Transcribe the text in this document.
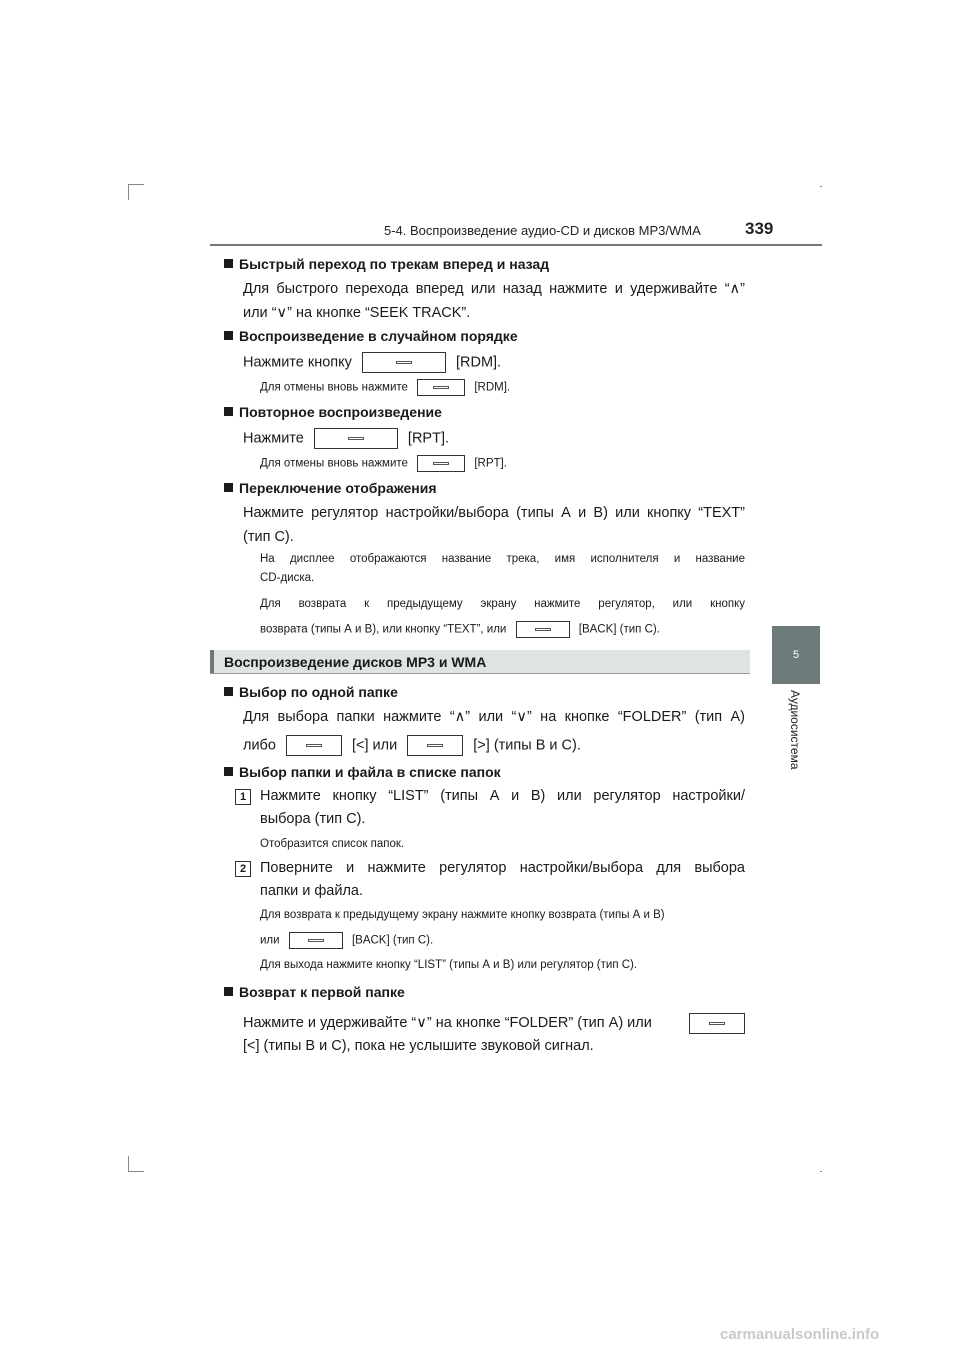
5-4. Воспроизведение аудио-CD и дисков MP3/WMA	339
5
Аудиосистема
Быстрый переход по трекам вперед и назад
Для быстрого перехода вперед или назад нажмите и удерживайте “∧”
или “∨” на кнопке “SEEK TRACK”.
Воспроизведение в случайном порядке
Нажмите кнопку	[RDM].
Для отмены вновь нажмите	[RDM].
Повторное воспроизведение
Нажмите	[RPT].
Для отмены вновь нажмите	[RPT].
Переключение отображения
Нажмите регулятор настройки/выбора (типы А и В) или кнопку “TEXT”
(тип С).
На дисплее отображаются название трека, имя исполнителя и название
CD-диска.
Для возврата к предыдущему экрану нажмите регулятор, или кнопку
возврата (типы А и В), или кнопку “TEXT”, или	[BACK] (тип С).
Воспроизведение дисков MP3 и WMA
Выбор по одной папке
Для выбора папки нажмите “∧” или “∨” на кнопке “FOLDER” (тип А)
либо	[<] или	[>] (типы В и С).
Выбор папки и файла в списке папок
1 Нажмите кнопку “LIST” (типы А и В) или регулятор настройки/
выбора (тип С).
Отобразится список папок.
2 Поверните и нажмите регулятор настройки/выбора для выбора
папки и файла.
Для возврата к предыдущему экрану нажмите кнопку возврата (типы А и В)
или	[BACK] (тип С).
Для выхода нажмите кнопку “LIST” (типы А и В) или регулятор (тип С).
Возврат к первой папке
Нажмите и удерживайте “∨” на кнопке “FOLDER” (тип А) или
[<] (типы В и С), пока не услышите звуковой сигнал.
carmanualsonline.info
